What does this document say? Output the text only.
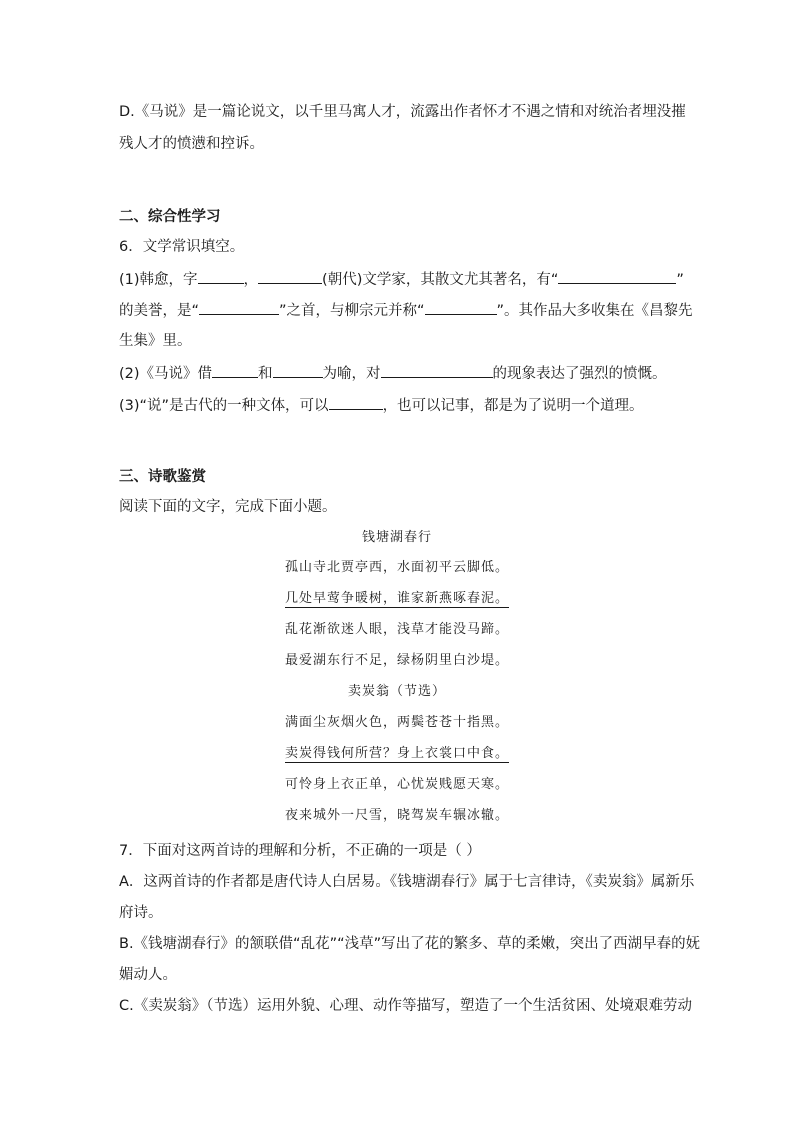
D.《马说》是一篇论说文，以千里马寓人才，流露出作者怀才不遇之情和对统治者埋没摧
残人才的愤懑和控诉。
二、综合性学习
6．文学常识填空。
(1)韩愈，字	，	(朝代)文学家，其散文尤其著名，有“	”
的美誉，是“	”之首，与柳宗元并称“	”。其作品大多收集在《昌黎先
生集》里。
(2)《马说》借	和	为喻，对	的现象表达了强烈的愤慨。
(3)“说”是古代的一种文体，可以	，也可以记事，都是为了说明一个道理。
三、诗歌鉴赏
阅读下面的文字，完成下面小题。
钱塘湖春行
孤山寺北贾亭西，水面初平云脚低。
几处早莺争暖树，谁家新燕啄春泥。
乱花渐欲迷人眼，浅草才能没马蹄。
最爱湖东行不足，绿杨阴里白沙堤。
卖炭翁（节选）
满面尘灰烟火色，两鬓苍苍十指黑。
卖炭得钱何所营？身上衣裳口中食。
可怜身上衣正单，心忧炭贱愿天寒。
夜来城外一尺雪，晓驾炭车辗冰辙。
7．下面对这两首诗的理解和分析，不正确的一项是（ ）
A．这两首诗的作者都是唐代诗人白居易。《钱塘湖春行》属于七言律诗，《卖炭翁》属新乐
府诗。
B.《钱塘湖春行》的颔联借“乱花”“浅草”写出了花的繁多、草的柔嫩，突出了西湖早春的妩
媚动人。
C.《卖炭翁》（节选）运用外貌、心理、动作等描写，塑造了一个生活贫困、处境艰难劳动
